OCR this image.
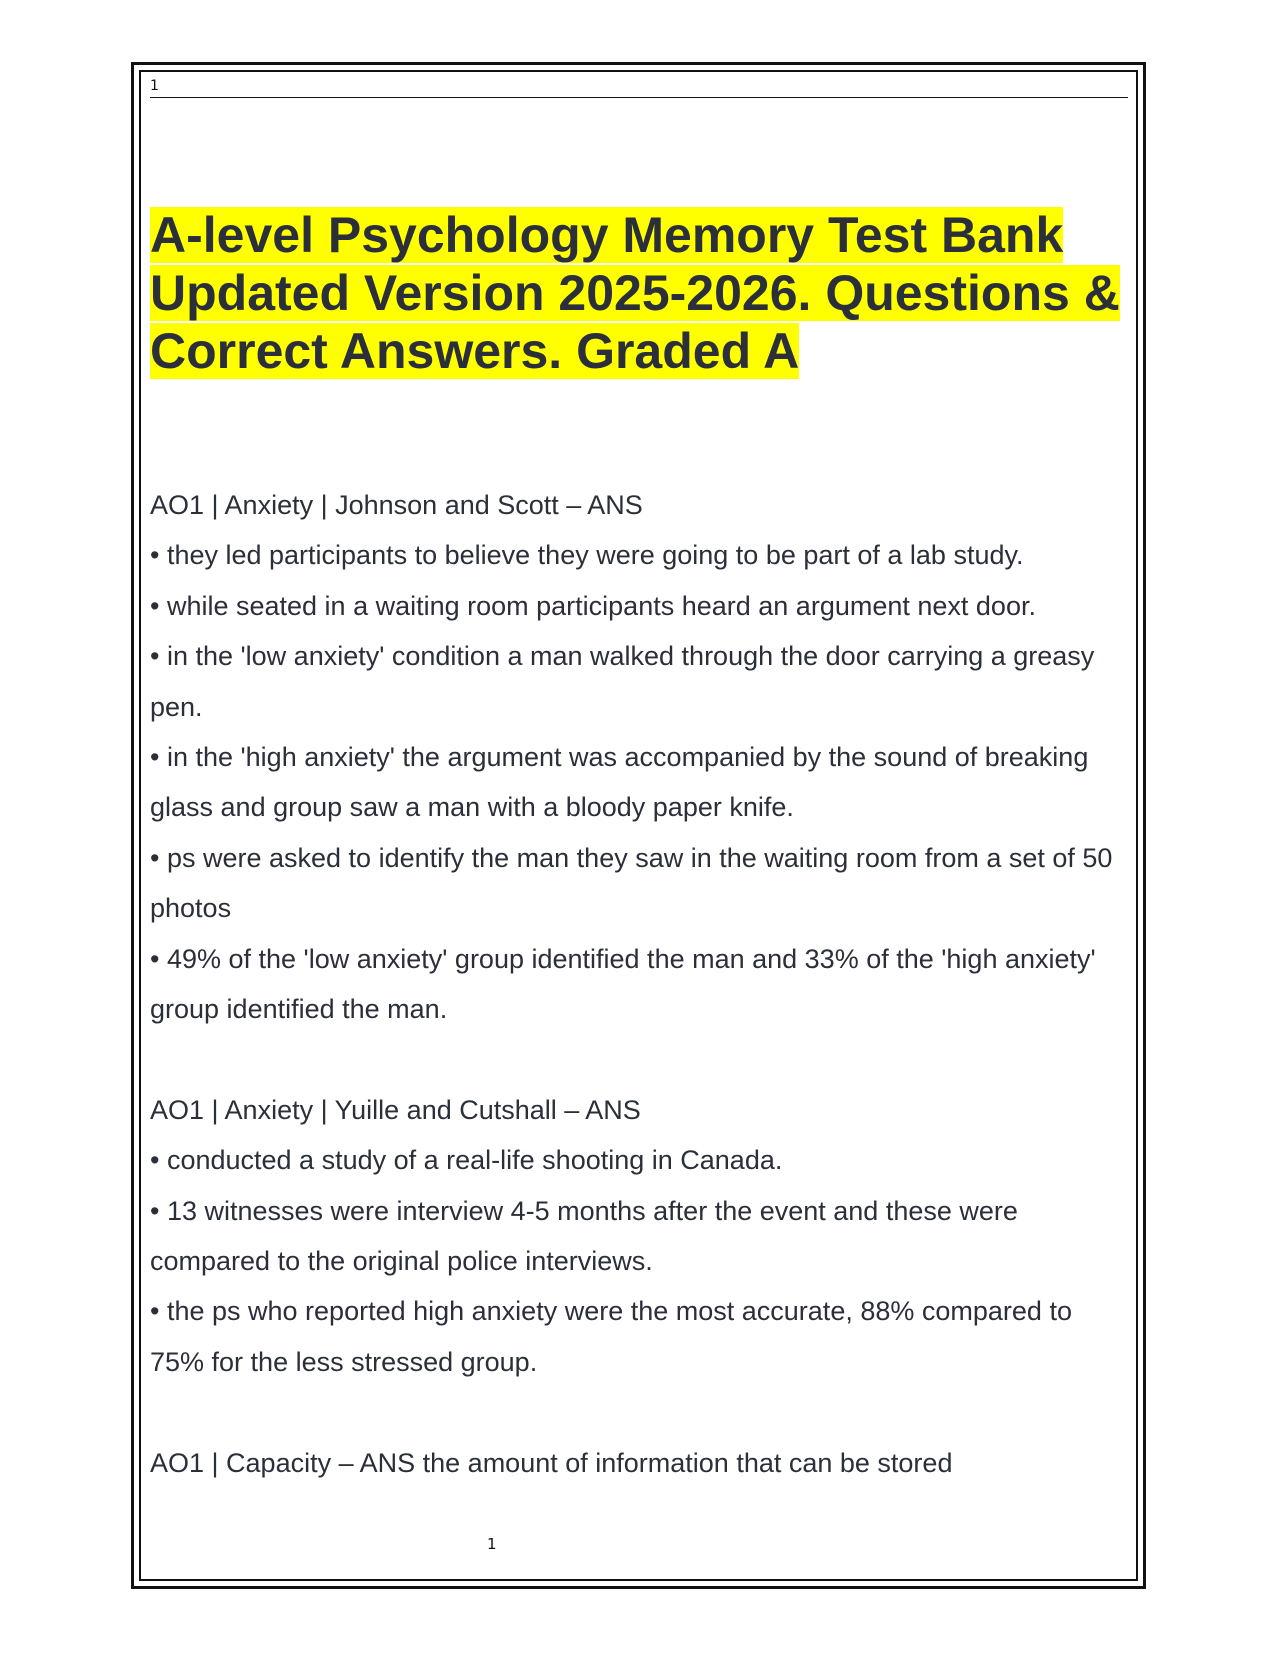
1
A-level Psychology Memory Test Bank Updated Version 2025-2026. Questions & Correct Answers. Graded A

AO1 | Anxiety | Johnson and Scott – ANS

• they led participants to believe they were going to be part of a lab study.

• while seated in a waiting room participants heard an argument next door.

• in the 'low anxiety' condition a man walked through the door carrying a greasy pen.

• in the 'high anxiety' the argument was accompanied by the sound of breaking glass and group saw a man with a bloody paper knife.

• ps were asked to identify the man they saw in the waiting room from a set of 50 photos

• 49% of the 'low anxiety' group identified the man and 33% of the 'high anxiety' group identified the man.

AO1 | Anxiety | Yuille and Cutshall – ANS

• conducted a study of a real-life shooting in Canada.

• 13 witnesses were interview 4-5 months after the event and these were compared to the original police interviews.

• the ps who reported high anxiety were the most accurate, 88% compared to 75% for the less stressed group.

AO1 | Capacity – ANS the amount of information that can be stored

1
